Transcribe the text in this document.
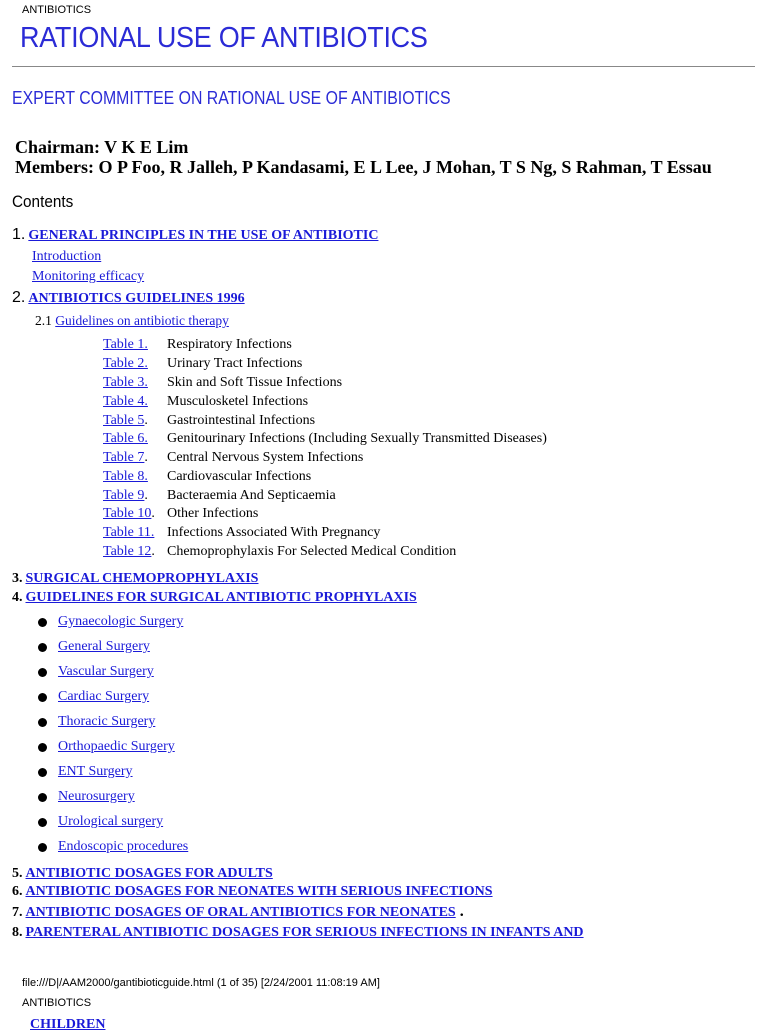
ANTIBIOTICS
RATIONAL USE OF ANTIBIOTICS
EXPERT COMMITTEE ON RATIONAL USE OF ANTIBIOTICS
Chairman: V K E Lim
Members: O P Foo, R Jalleh, P Kandasami, E L Lee, J Mohan, T S Ng, S Rahman, T Essau
Contents
1. GENERAL PRINCIPLES IN THE USE OF ANTIBIOTIC
Introduction
Monitoring efficacy
2. ANTIBIOTICS GUIDELINES 1996
2.1 Guidelines on antibiotic therapy
Table 1. Respiratory Infections
Table 2. Urinary Tract Infections
Table 3. Skin and Soft Tissue Infections
Table 4. Musculosketel Infections
Table 5. Gastrointestinal Infections
Table 6. Genitourinary Infections (Including Sexually Transmitted Diseases)
Table 7. Central Nervous System Infections
Table 8. Cardiovascular Infections
Table 9. Bacteraemia And Septicaemia
Table 10. Other Infections
Table 11. Infections Associated With Pregnancy
Table 12. Chemoprophylaxis For Selected Medical Condition
3. SURGICAL CHEMOPROPHYLAXIS
4. GUIDELINES FOR SURGICAL ANTIBIOTIC PROPHYLAXIS
Gynaecologic Surgery
General Surgery
Vascular Surgery
Cardiac Surgery
Thoracic Surgery
Orthopaedic Surgery
ENT Surgery
Neurosurgery
Urological surgery
Endoscopic procedures
5. ANTIBIOTIC DOSAGES FOR ADULTS
6. ANTIBIOTIC DOSAGES FOR NEONATES WITH SERIOUS INFECTIONS
7. ANTIBIOTIC DOSAGES OF ORAL ANTIBIOTICS FOR NEONATES .
8. PARENTERAL ANTIBIOTIC DOSAGES FOR SERIOUS INFECTIONS IN INFANTS AND
file:///D|/AAM2000/gantibioticguide.html (1 of 35) [2/24/2001 11:08:19 AM]
ANTIBIOTICS
CHILDREN
